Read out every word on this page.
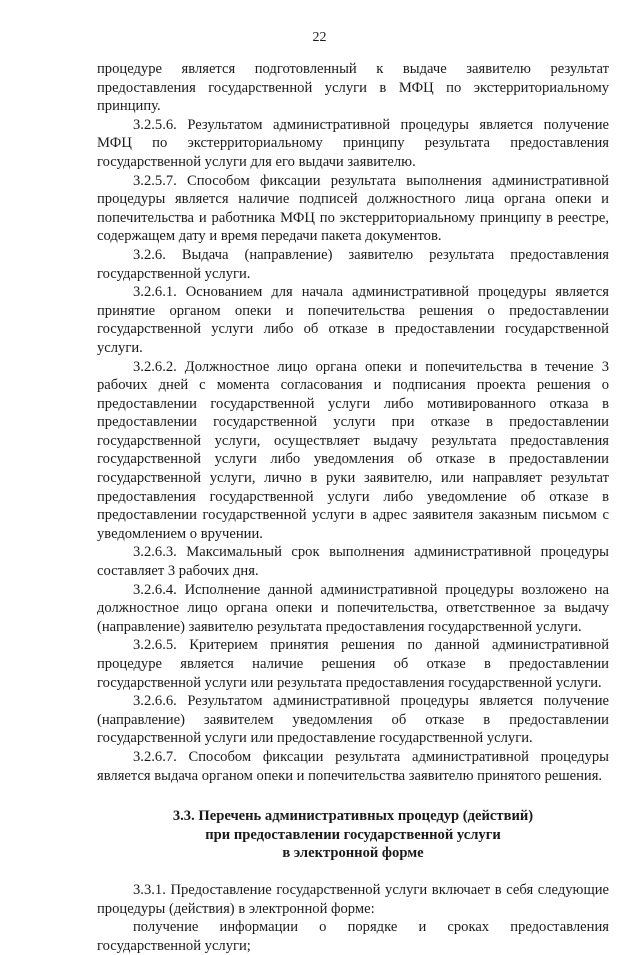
22

процедуре является подготовленный к выдаче заявителю результат предоставления государственной услуги в МФЦ по экстерриториальному принципу.

3.2.5.6. Результатом административной процедуры является получение МФЦ по экстерриториальному принципу результата предоставления государственной услуги для его выдачи заявителю.

3.2.5.7. Способом фиксации результата выполнения административной процедуры является наличие подписей должностного лица органа опеки и попечительства и работника МФЦ по экстерриториальному принципу в реестре, содержащем дату и время передачи пакета документов.

3.2.6. Выдача (направление) заявителю результата предоставления государственной услуги.

3.2.6.1. Основанием для начала административной процедуры является принятие органом опеки и попечительства решения о предоставлении государственной услуги либо об отказе в предоставлении государственной услуги.

3.2.6.2. Должностное лицо органа опеки и попечительства в течение 3 рабочих дней с момента согласования и подписания проекта решения о предоставлении государственной услуги либо мотивированного отказа в предоставлении государственной услуги при отказе в предоставлении государственной услуги, осуществляет выдачу результата предоставления государственной услуги либо уведомления об отказе в предоставлении государственной услуги, лично в руки заявителю, или направляет результат предоставления государственной услуги либо уведомление об отказе в предоставлении государственной услуги в адрес заявителя заказным письмом с уведомлением о вручении.

3.2.6.3. Максимальный срок выполнения административной процедуры составляет 3 рабочих дня.

3.2.6.4. Исполнение данной административной процедуры возложено на должностное лицо органа опеки и попечительства, ответственное за выдачу (направление) заявителю результата предоставления государственной услуги.

3.2.6.5. Критерием принятия решения по данной административной процедуре является наличие решения об отказе в предоставлении государственной услуги или результата предоставления государственной услуги.

3.2.6.6. Результатом административной процедуры является получение (направление) заявителем уведомления об отказе в предоставлении государственной услуги или предоставление государственной услуги.

3.2.6.7. Способом фиксации результата административной процедуры является выдача органом опеки и попечительства заявителю принятого решения.

3.3. Перечень административных процедур (действий)
при предоставлении государственной услуги
в электронной форме

3.3.1. Предоставление государственной услуги включает в себя следующие процедуры (действия) в электронной форме:

получение информации о порядке и сроках предоставления государственной услуги;
